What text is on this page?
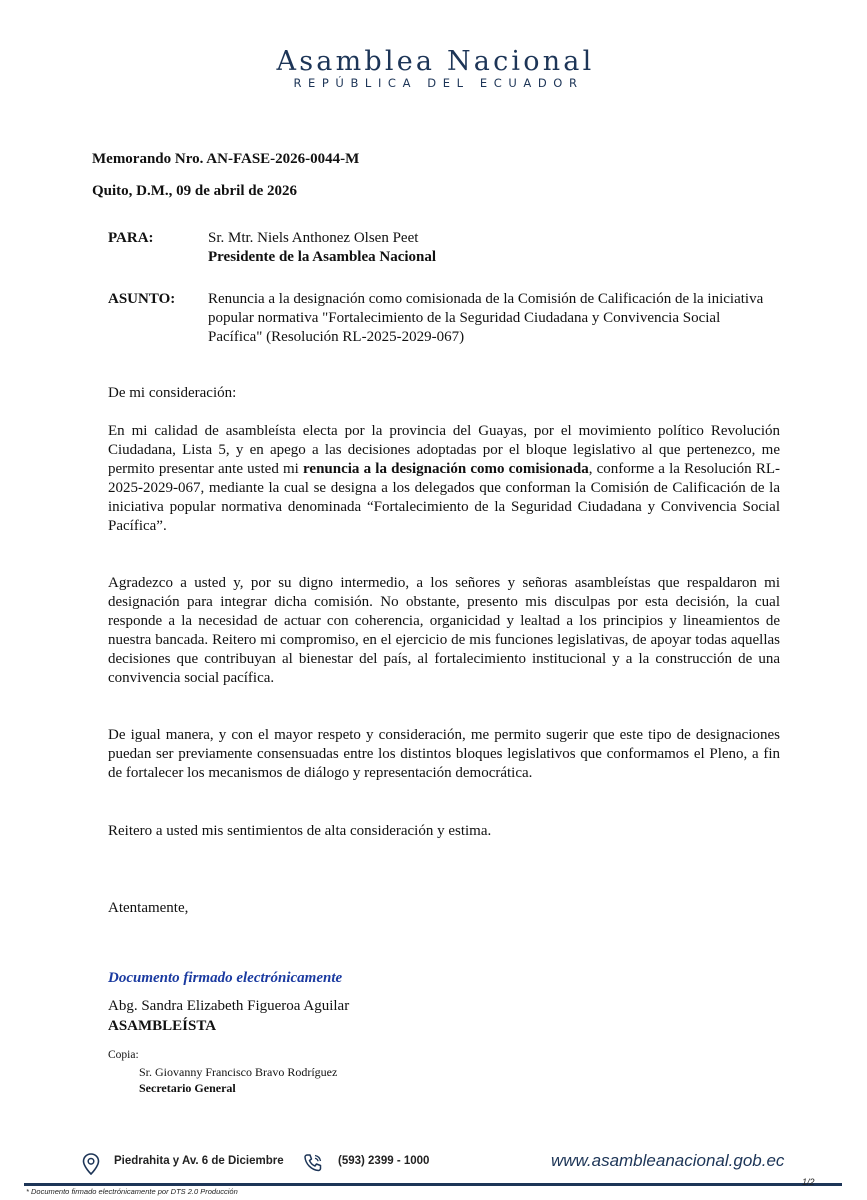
Asamblea Nacional
REPÚBLICA DEL ECUADOR
Memorando Nro. AN-FASE-2026-0044-M
Quito, D.M., 09 de abril de 2026
PARA:	Sr. Mtr. Niels Anthonez Olsen Peet
Presidente de la Asamblea Nacional
ASUNTO: Renuncia a la designación como comisionada de la Comisión de Calificación de la iniciativa popular normativa "Fortalecimiento de la Seguridad Ciudadana y Convivencia Social Pacífica" (Resolución RL-2025-2029-067)
De mi consideración:
En mi calidad de asambleísta electa por la provincia del Guayas, por el movimiento político Revolución Ciudadana, Lista 5, y en apego a las decisiones adoptadas por el bloque legislativo al que pertenezco, me permito presentar ante usted mi renuncia a la designación como comisionada, conforme a la Resolución RL-2025-2029-067, mediante la cual se designa a los delegados que conforman la Comisión de Calificación de la iniciativa popular normativa denominada “Fortalecimiento de la Seguridad Ciudadana y Convivencia Social Pacífica”.
Agradezco a usted y, por su digno intermedio, a los señores y señoras asambleístas que respaldaron mi designación para integrar dicha comisión. No obstante, presento mis disculpas por esta decisión, la cual responde a la necesidad de actuar con coherencia, organicidad y lealtad a los principios y lineamientos de nuestra bancada. Reitero mi compromiso, en el ejercicio de mis funciones legislativas, de apoyar todas aquellas decisiones que contribuyan al bienestar del país, al fortalecimiento institucional y a la construcción de una convivencia social pacífica.
De igual manera, y con el mayor respeto y consideración, me permito sugerir que este tipo de designaciones puedan ser previamente consensuadas entre los distintos bloques legislativos que conformamos el Pleno, a fin de fortalecer los mecanismos de diálogo y representación democrática.
Reitero a usted mis sentimientos de alta consideración y estima.
Atentamente,
Documento firmado electrónicamente
Abg. Sandra Elizabeth Figueroa Aguilar
ASAMBLEÍSTA
Copia:
Sr. Giovanny Francisco Bravo Rodríguez
Secretario General
Piedrahita y Av. 6 de Diciembre	(593) 2399 - 1000	www.asambleanacional.gob.ec
* Documento firmado electrónicamente por DTS 2.0 Producción
1/2
